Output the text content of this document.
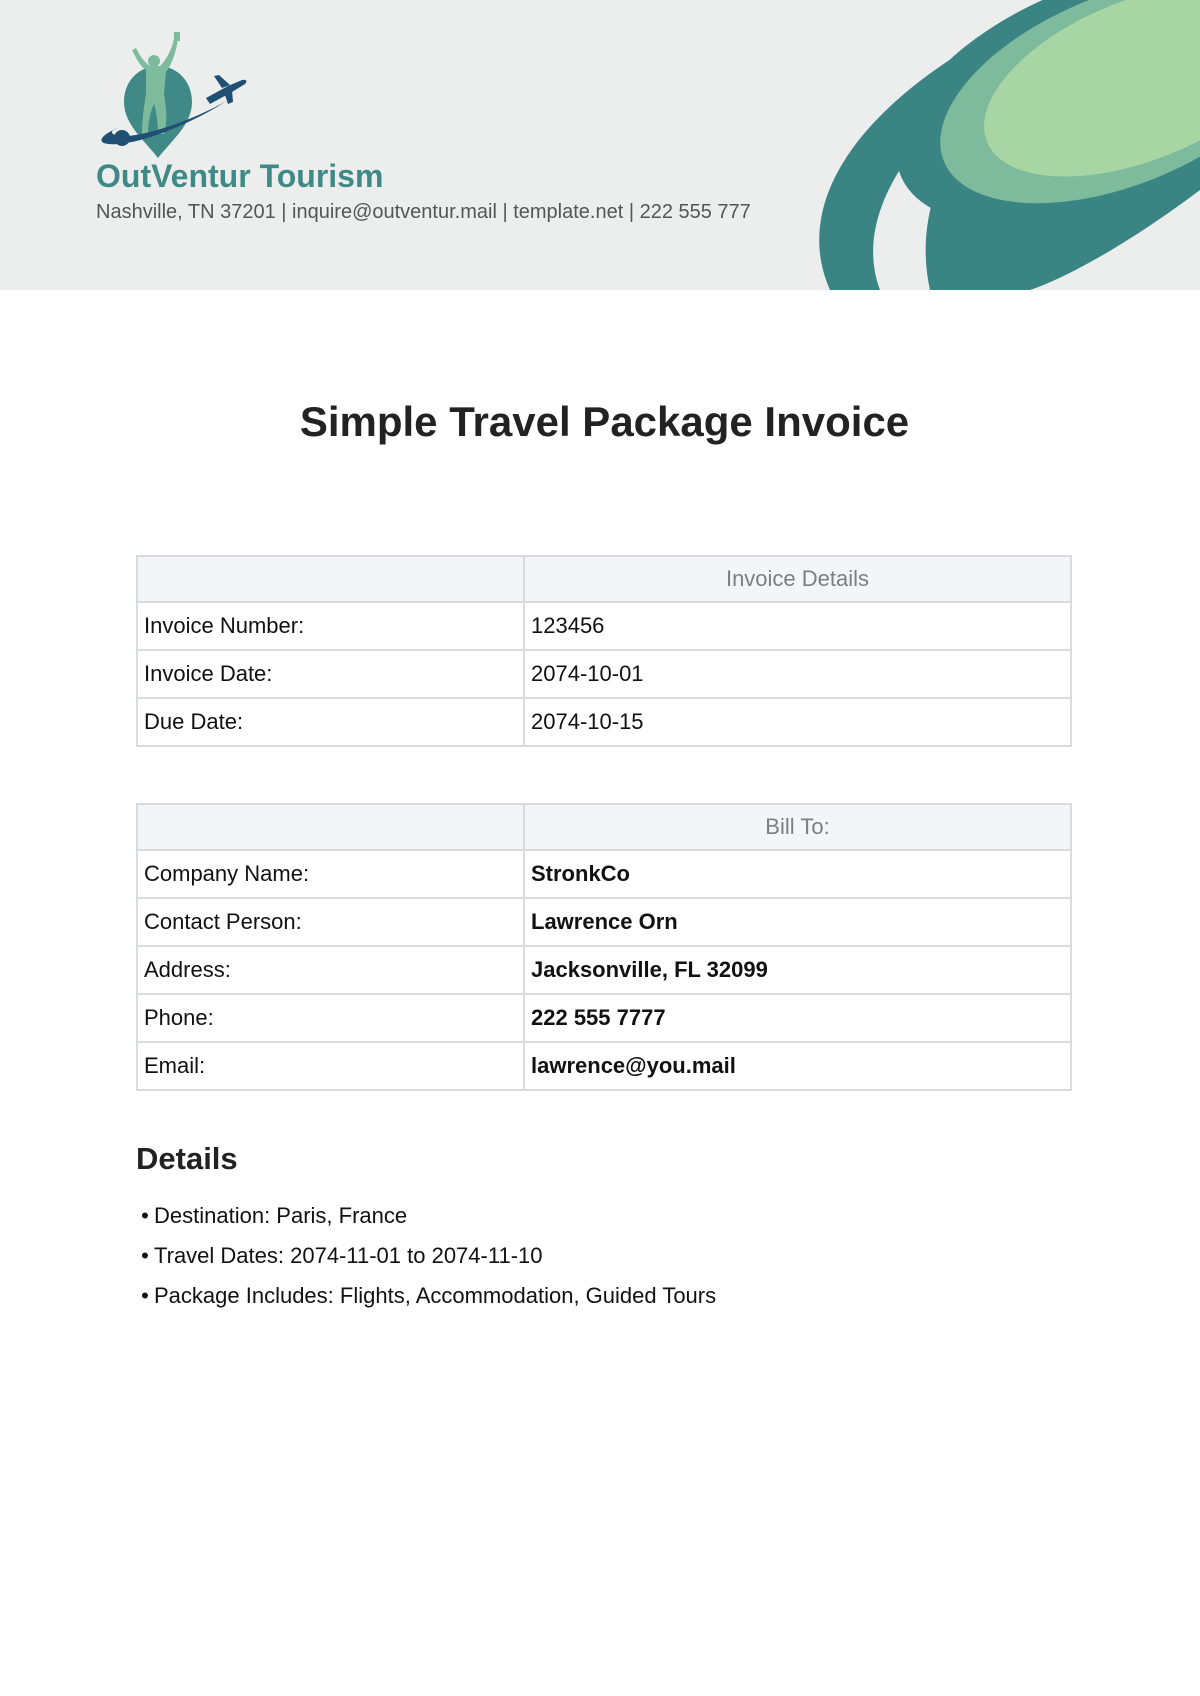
OutVentur Tourism
Nashville, TN 37201 | inquire@outventur.mail | template.net | 222 555 777
Simple Travel Package Invoice
	Invoice Details
Invoice Number:	123456
Invoice Date:	2074-10-01
Due Date:	2074-10-15
	Bill To:
Company Name:	StronkCo
Contact Person:	Lawrence Orn
Address:	Jacksonville, FL 32099
Phone:	222 555 7777
Email:	lawrence@you.mail
Details
• Destination: Paris, France
• Travel Dates: 2074-11-01 to 2074-11-10
• Package Includes: Flights, Accommodation, Guided Tours
